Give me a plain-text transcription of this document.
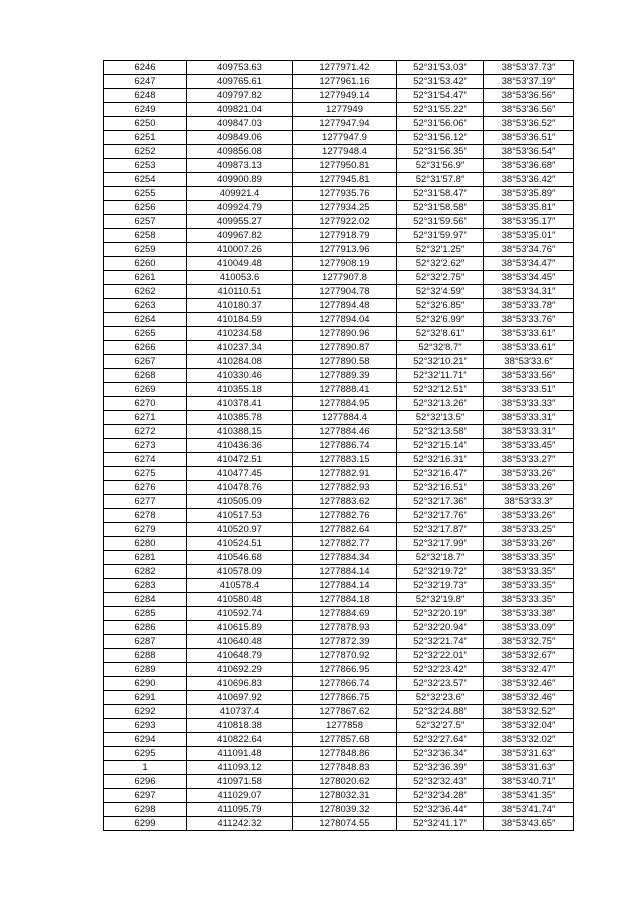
6246	409753.63	1277971.42	52°31′53.03″	38°53′37.73″
6247	409765.61	1277961.16	52°31′53.42″	38°53′37.19″
6248	409797.82	1277949.14	52°31′54.47″	38°53′36.56″
6249	409821.04	1277949	52°31′55.22″	38°53′36.56″
6250	409847.03	1277947.94	52°31′56.06″	38°53′36.52″
6251	409849.06	1277947.9	52°31′56.12″	38°53′36.51″
6252	409856.08	1277948.4	52°31′56.35″	38°53′36.54″
6253	409873.13	1277950.81	52°31′56.9″	38°53′36.68″
6254	409900.89	1277945.81	52°31′57.8″	38°53′36.42″
6255	409921.4	1277935.76	52°31′58.47″	38°53′35.89″
6256	409924.79	1277934.25	52°31′58.58″	38°53′35.81″
6257	409955.27	1277922.02	52°31′59.56″	38°53′35.17″
6258	409967.82	1277918.79	52°31′59.97″	38°53′35.01″
6259	410007.26	1277913.96	52°32′1.25″	38°53′34.76″
6260	410049.48	1277908.19	52°32′2.62″	38°53′34.47″
6261	410053.6	1277907.8	52°32′2.75″	38°53′34.45″
6262	410110.51	1277904.78	52°32′4.59″	38°53′34.31″
6263	410180.37	1277894.48	52°32′6.85″	38°53′33.78″
6264	410184.59	1277894.04	52°32′6.99″	38°53′33.76″
6265	410234.58	1277890.96	52°32′8.61″	38°53′33.61″
6266	410237.34	1277890.87	52°32′8.7″	38°53′33.61″
6267	410284.08	1277890.58	52°32′10.21″	38°53′33.6″
6268	410330.46	1277889.39	52°32′11.71″	38°53′33.56″
6269	410355.18	1277888.41	52°32′12.51″	38°53′33.51″
6270	410378.41	1277884.95	52°32′13.26″	38°53′33.33″
6271	410385.78	1277884.4	52°32′13.5″	38°53′33.31″
6272	410388.15	1277884.46	52°32′13.58″	38°53′33.31″
6273	410436.36	1277886.74	52°32′15.14″	38°53′33.45″
6274	410472.51	1277883.15	52°32′16.31″	38°53′33.27″
6275	410477.45	1277882.91	52°32′16.47″	38°53′33.26″
6276	410478.76	1277882.93	52°32′16.51″	38°53′33.26″
6277	410505.09	1277883.62	52°32′17.36″	38°53′33.3″
6278	410517.53	1277882.76	52°32′17.76″	38°53′33.26″
6279	410520.97	1277882.64	52°32′17.87″	38°53′33.25″
6280	410524.51	1277882.77	52°32′17.99″	38°53′33.26″
6281	410546.68	1277884.34	52°32′18.7″	38°53′33.35″
6282	410578.09	1277884.14	52°32′19.72″	38°53′33.35″
6283	410578.4	1277884.14	52°32′19.73″	38°53′33.35″
6284	410580.48	1277884.18	52°32′19.8″	38°53′33.35″
6285	410592.74	1277884.69	52°32′20.19″	38°53′33.38″
6286	410615.89	1277878.93	52°32′20.94″	38°53′33.09″
6287	410640.48	1277872.39	52°32′21.74″	38°53′32.75″
6288	410648.79	1277870.92	52°32′22.01″	38°53′32.67″
6289	410692.29	1277866.95	52°32′23.42″	38°53′32.47″
6290	410696.83	1277866.74	52°32′23.57″	38°53′32.46″
6291	410697.92	1277866.75	52°32′23.6″	38°53′32.46″
6292	410737.4	1277867.62	52°32′24.88″	38°53′32.52″
6293	410818.38	1277858	52°32′27.5″	38°53′32.04″
6294	410822.64	1277857.68	52°32′27.64″	38°53′32.02″
6295	411091.48	1277848.86	52°32′36.34″	38°53′31.63″
1	411093.12	1277848.83	52°32′36.39″	38°53′31.63″
6296	410971.58	1278020.62	52°32′32.43″	38°53′40.71″
6297	411029.07	1278032.31	52°32′34.28″	38°53′41.35″
6298	411095.79	1278039.32	52°32′36.44″	38°53′41.74″
6299	411242.32	1278074.55	52°32′41.17″	38°53′43.65″
